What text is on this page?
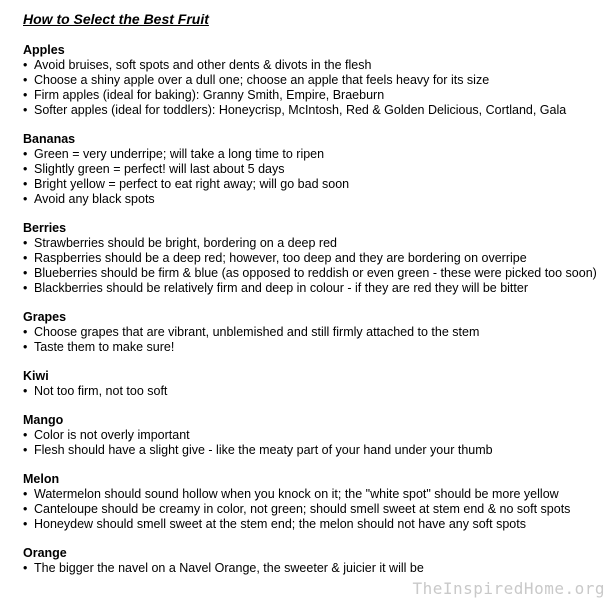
How to Select the Best Fruit
Apples
• Avoid bruises, soft spots and other dents & divots in the flesh
• Choose a shiny apple over a dull one; choose an apple that feels heavy for its size
• Firm apples (ideal for baking): Granny Smith, Empire, Braeburn
• Softer apples (ideal for toddlers): Honeycrisp, McIntosh, Red & Golden Delicious, Cortland, Gala
Bananas
• Green = very underripe; will take a long time to ripen
• Slightly green = perfect! will last about 5 days
• Bright yellow = perfect to eat right away; will go bad soon
• Avoid any black spots
Berries
• Strawberries should be bright, bordering on a deep red
• Raspberries should be a deep red; however, too deep and they are bordering on overripe
• Blueberries should be firm & blue (as opposed to reddish or even green - these were picked too soon)
• Blackberries should be relatively firm and deep in colour - if they are red they will be bitter
Grapes
• Choose grapes that are vibrant, unblemished and still firmly attached to the stem
• Taste them to make sure!
Kiwi
• Not too firm, not too soft
Mango
• Color is not overly important
• Flesh should have a slight give - like the meaty part of your hand under your thumb
Melon
• Watermelon should sound hollow when you knock on it; the "white spot" should be more yellow
• Canteloupe should be creamy in color, not green; should smell sweet at stem end & no soft spots
• Honeydew should smell sweet at the stem end; the melon should not have any soft spots
Orange
• The bigger the navel on a Navel Orange, the sweeter & juicier it will be
TheInspiredHome.org
